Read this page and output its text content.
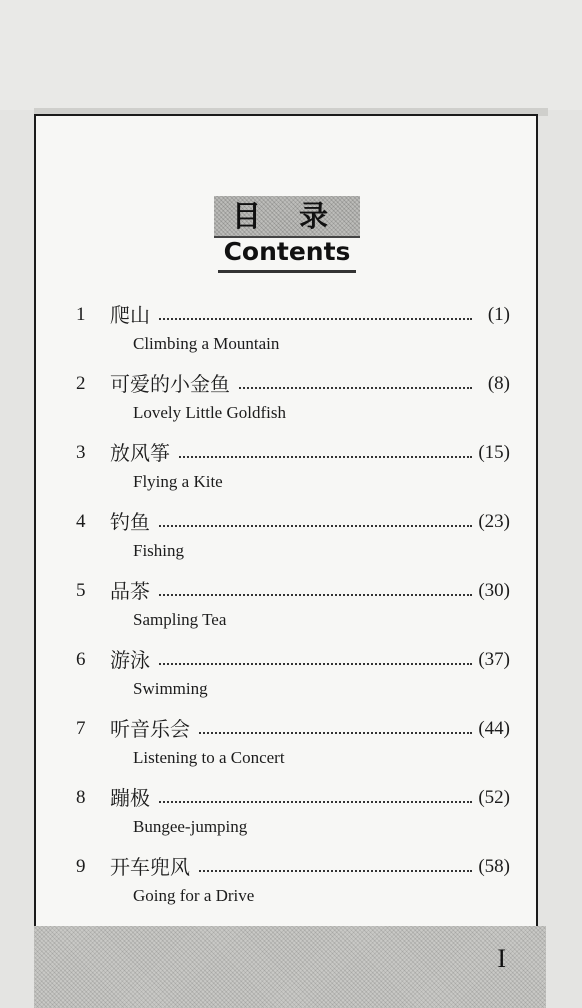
目 录
Contents
1	爬山	(1)
Climbing a Mountain
2	可爱的小金鱼	(8)
Lovely Little Goldfish
3	放风筝	(15)
Flying a Kite
4	钓鱼	(23)
Fishing
5	品茶	(30)
Sampling Tea
6	游泳	(37)
Swimming
7	听音乐会	(44)
Listening to a Concert
8	蹦极	(52)
Bungee-jumping
9	开车兜风	(58)
Going for a Drive
I
